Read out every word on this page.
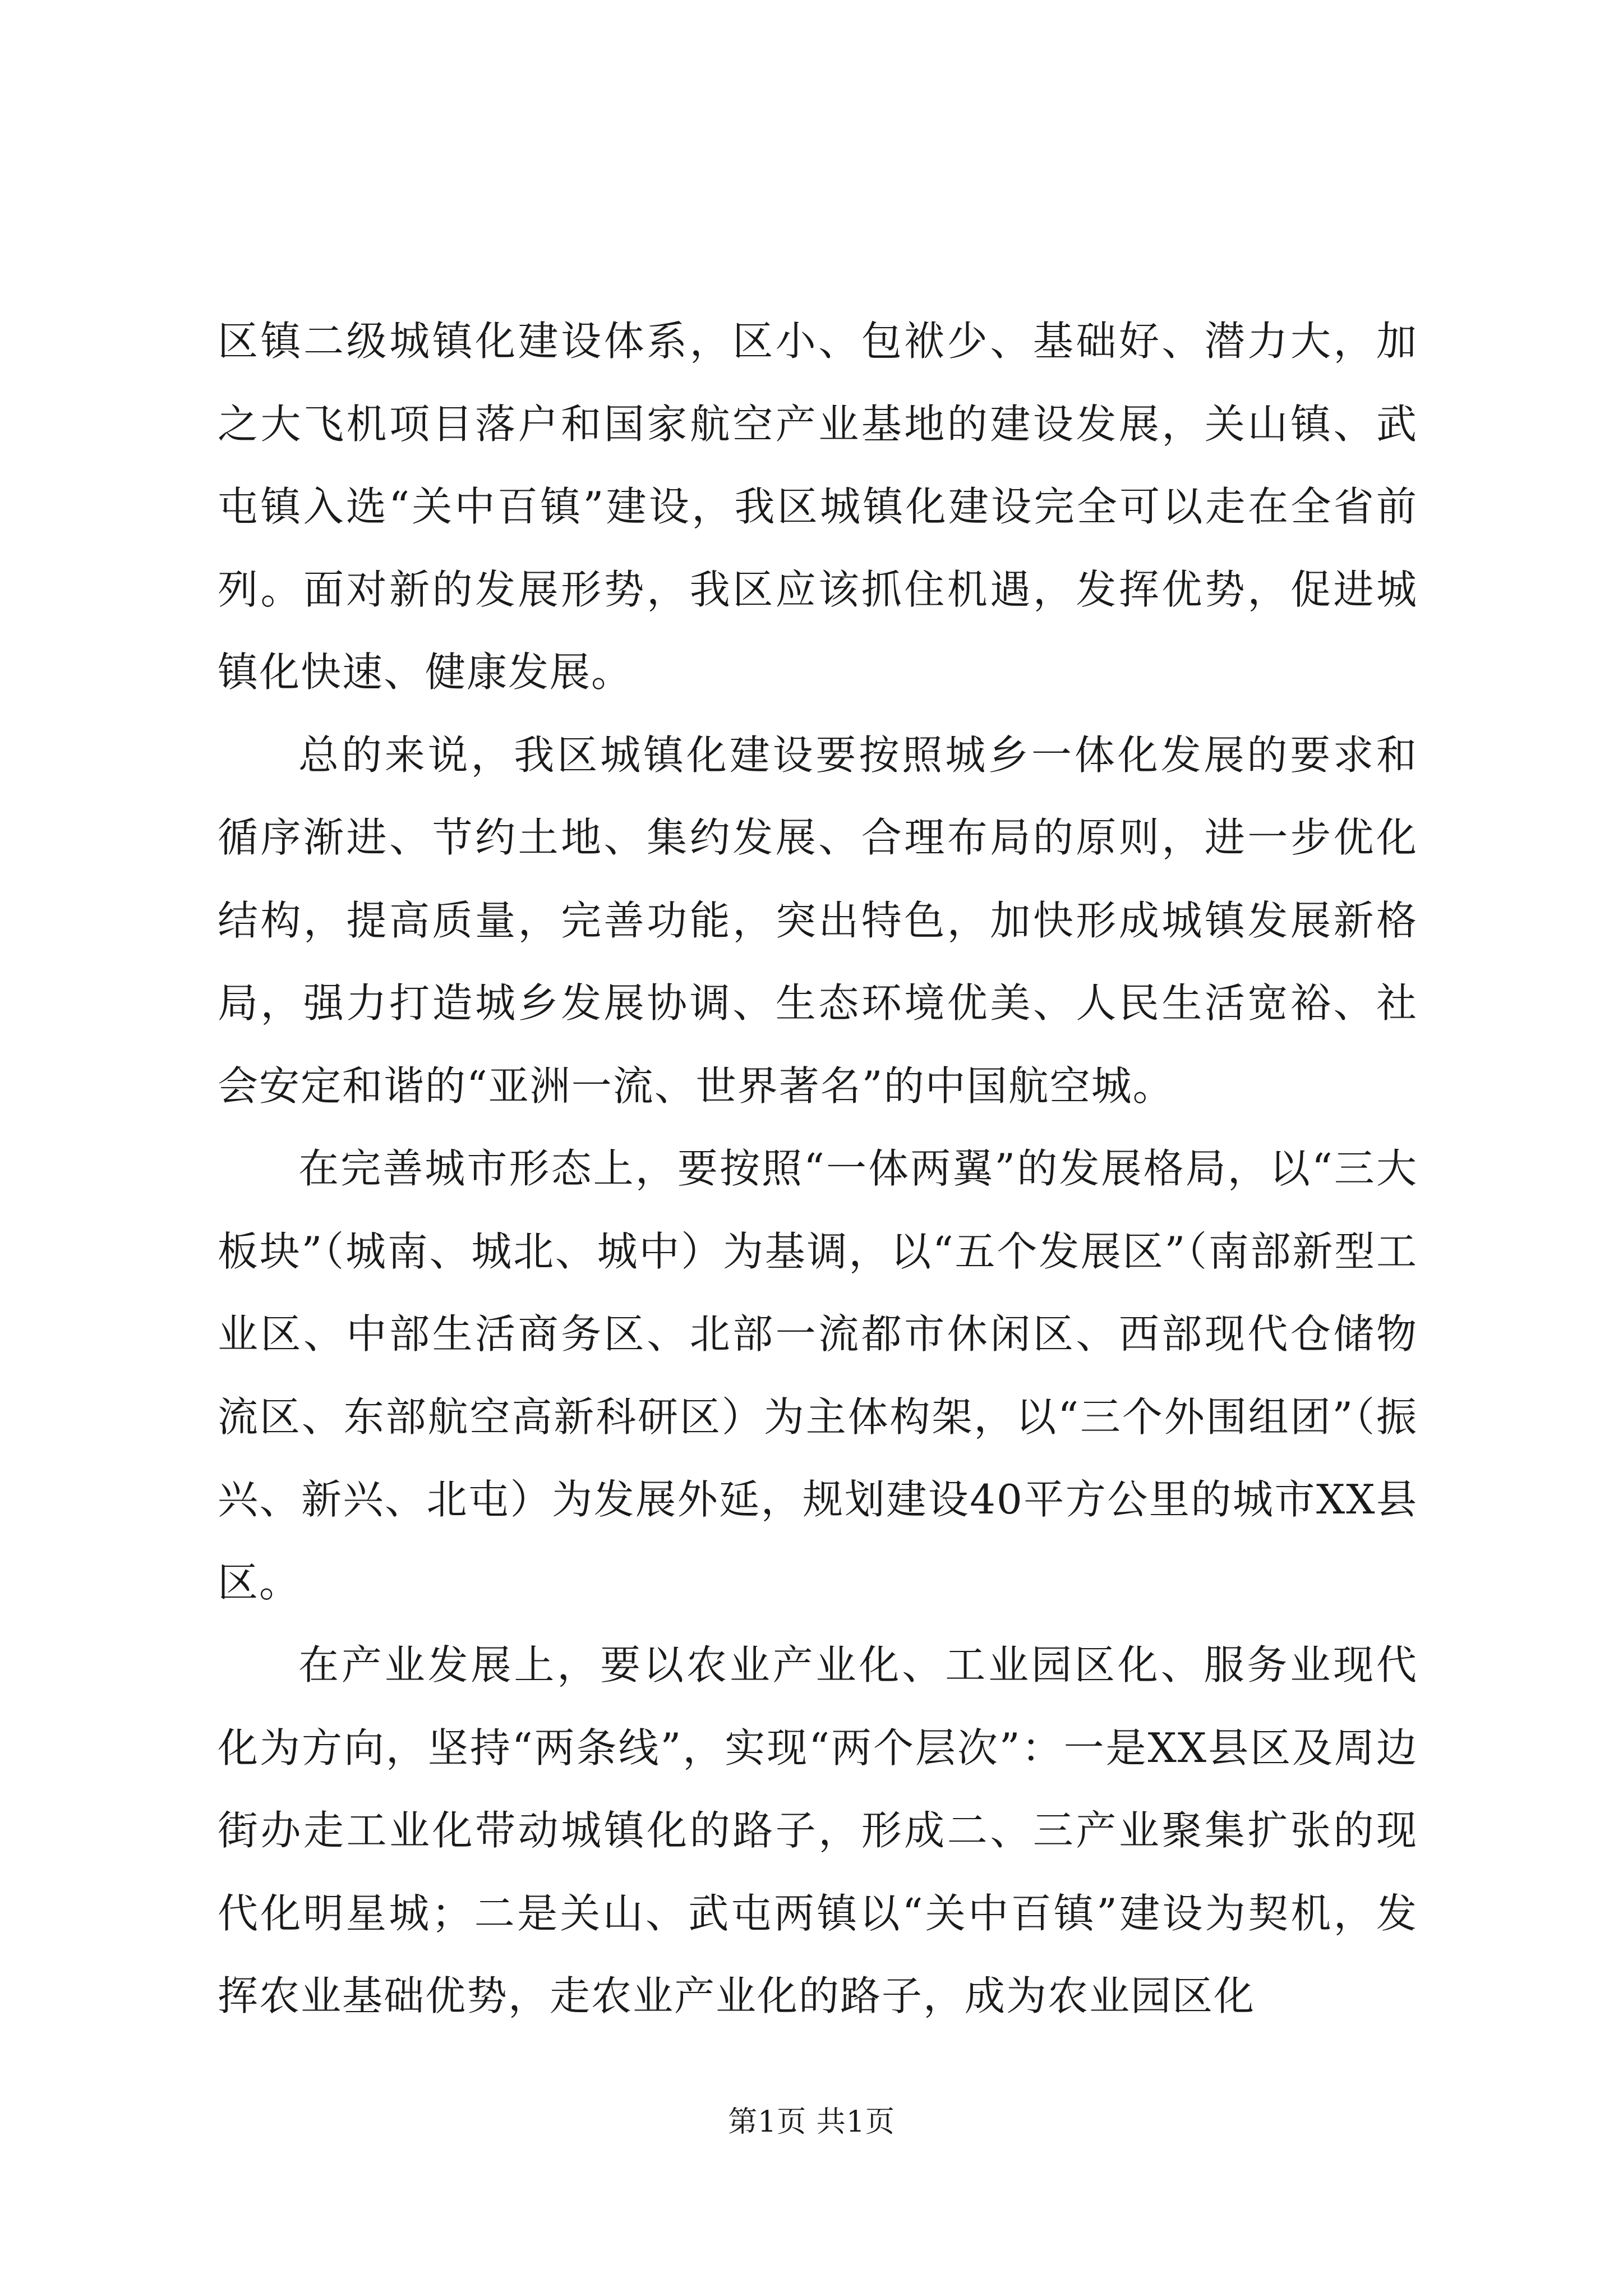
区镇二级城镇化建设体系，区小、包袱少、基础好、潜力大，加之大飞机项目落户和国家航空产业基地的建设发展，关山镇、武屯镇入选“关中百镇”建设，我区城镇化建设完全可以走在全省前列。面对新的发展形势，我区应该抓住机遇，发挥优势，促进城镇化快速、健康发展。

总的来说，我区城镇化建设要按照城乡一体化发展的要求和循序渐进、节约土地、集约发展、合理布局的原则，进一步优化结构，提高质量，完善功能，突出特色，加快形成城镇发展新格局，强力打造城乡发展协调、生态环境优美、人民生活宽裕、社会安定和谐的“亚洲一流、世界著名”的中国航空城。

在完善城市形态上，要按照“一体两翼”的发展格局，以“三大板块”（城南、城北、城中）为基调，以“五个发展区”（南部新型工业区、中部生活商务区、北部一流都市休闲区、西部现代仓储物流区、东部航空高新科研区）为主体构架，以“三个外围组团”（振兴、新兴、北屯）为发展外延，规划建设40平方公里的城市XX县区。

在产业发展上，要以农业产业化、工业园区化、服务业现代化为方向，坚持“两条线”，实现“两个层次”：一是XX县区及周边街办走工业化带动城镇化的路子，形成二、三产业聚集扩张的现代化明星城；二是关山、武屯两镇以“关中百镇”建设为契机，发挥农业基础优势，走农业产业化的路子，成为农业园区化

第1页 共1页
